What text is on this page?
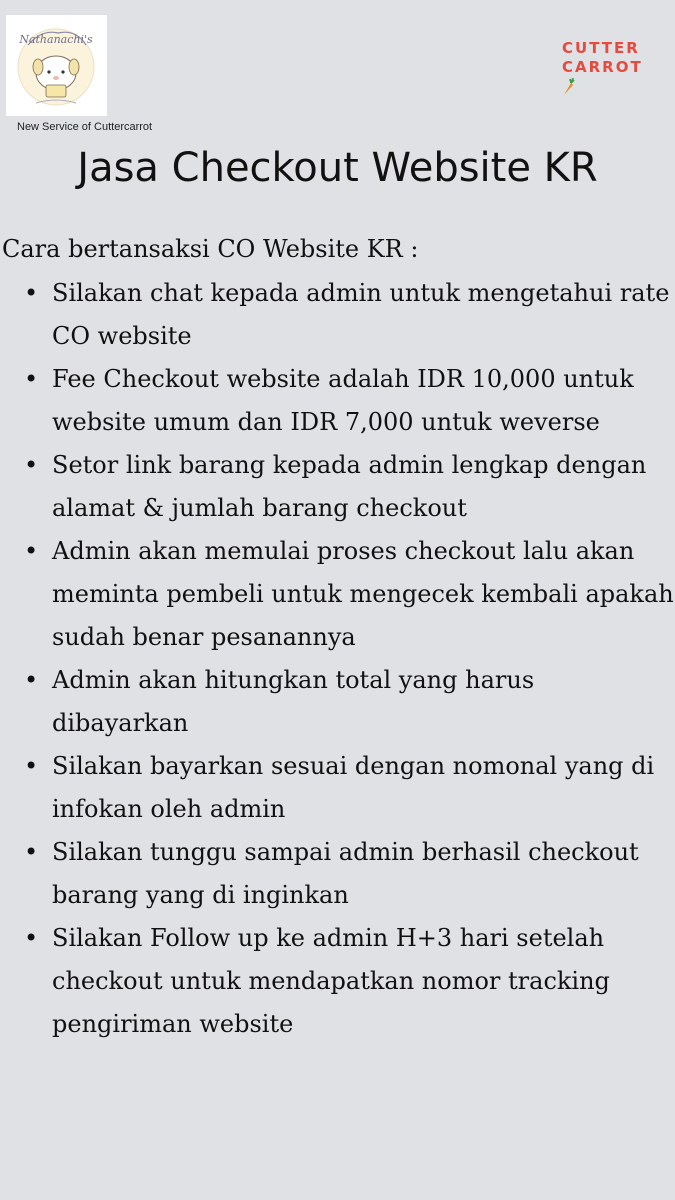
Nathanachi's
New Service of Cuttercarrot
CUTTER
CARROT
Jasa Checkout Website KR
Cara bertansaksi CO Website KR :
• Silakan chat kepada admin untuk mengetahui rate CO website
• Fee Checkout website adalah IDR 10,000 untuk website umum dan IDR 7,000 untuk weverse
• Setor link barang kepada admin lengkap dengan alamat & jumlah barang checkout
• Admin akan memulai proses checkout lalu akan meminta pembeli untuk mengecek kembali apakah sudah benar pesanannya
• Admin akan hitungkan total yang harus dibayarkan
• Silakan bayarkan sesuai dengan nomonal yang di infokan oleh admin
• Silakan tunggu sampai admin berhasil checkout barang yang di inginkan
• Silakan Follow up ke admin H+3 hari setelah checkout untuk mendapatkan nomor tracking pengiriman website
